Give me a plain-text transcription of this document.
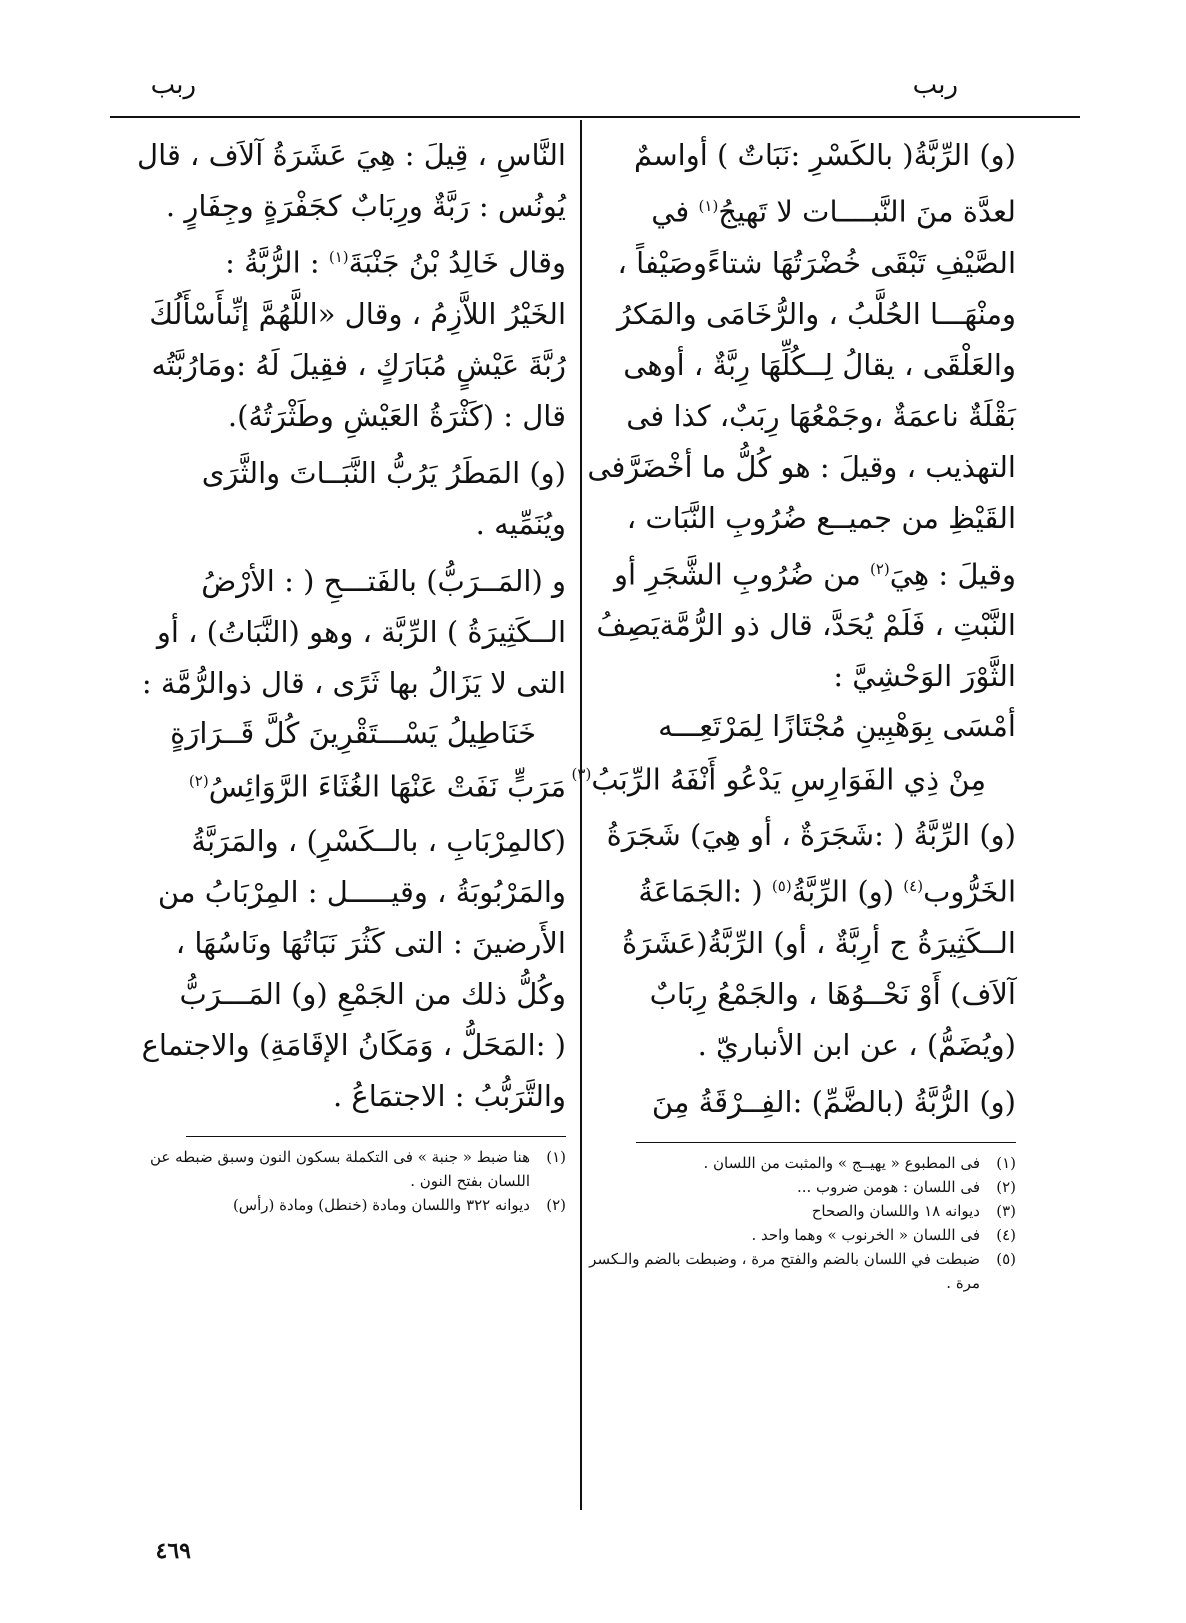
ربب
ربب

(و) الرِّبَّةُ( بالكَسْرِ :نَبَاتٌ ) أواسمٌ
لعدَّة منَ النَّبــــات لا تَهيجُ$^{(١)}$ في
الصَّيْفِ تَبْقَى خُضْرَتُهَا شتاءًوصَيْفاً ،
ومنْهَـــا الحُلَّبُ ، والرُّخَامَى والمَكرُ
والعَلْقَى ، يقالُ لِــكُلِّهَا رِبَّةٌ ، أوهى
بَقْلَةٌ ناعمَةٌ ،وجَمْعُهَا رِبَبٌ، كذا فى
التهذيب ، وقيلَ : هو كُلُّ ما أخْضَرَّفى
القَيْظِ من جميــع ضُرُوبِ النَّبَات ،
وقيلَ : هِيَ$^{(٢)}$ من ضُرُوبِ الشَّجَرِ أو
النَّبْتِ ، فَلَمْ يُحَدَّ، قال ذو الرُّمَّةيَصِفُ
الثَّوْرَ الوَحْشِيَّ :

أمْسَى بِوَهْبِينِ مُجْتَازًا لِمَرْتَعِـــه

مِنْ ذِي الفَوَارِسِ يَدْعُو أَنْفَهُ الرِّبَبُ$^{(٣)}$

(و) الرِّبَّةُ ( :شَجَرَةٌ ، أو هِيَ) شَجَرَةُ
الخَرُّوب$^{(٤)}$ (و) الرِّبَّةُ$^{(٥)}$ ( :الجَمَاعَةُ
الــكَثِيرَةُ ج أرِبَّةٌ ، أو) الرِّبَّةُ(عَشَرَةُ
آلاَف) أَوْ نَحْــوُهَا ، والجَمْعُ رِبَابٌ
(ويُضَمُّ) ، عن ابن الأنباريّ .

(و) الرُّبَّةُ (بالضَّمِّ) :الفِــرْقَةُ مِنَ

(١)
فى المطبوع « يهيــج » والمثبت من اللسان .
(٢)
فى اللسان : هومن ضروب ...
(٣)
ديوانه ١٨ واللسان والصحاح
(٤)
فى اللسان « الخرنوب » وهما واحد .
(٥)
ضبطت في اللسان بالضم والفتح مرة ، وضبطت بالضم والـكسر مرة .

النَّاسِ ، قِيلَ : هِيَ عَشَرَةُ آلاَف ، قال
يُونُس : رَبَّةٌ ورِبَابٌ كجَفْرَةٍ وجِفَارٍ .

وقال خَالِدُ بْنُ جَنْبَةَ$^{(١)}$ : الرُّبَّةُ :
الخَيْرُ اللاَّزِمُ ، وقال «اللَّهُمَّ إنِّىأَسْأَلُكَ
رُبَّةَ عَيْشٍ مُبَارَكٍ ، فقِيلَ لَهُ :ومَارُبَّتُه
قال : (كَثْرَةُ العَيْشِ وطَثْرَتُهُ).

(و) المَطَرُ يَرُبُّ النَّبَــاتَ والثَّرَى
ويُنَمِّيه .

و (المَــرَبُّ) بالفَتـــحِ ( : الأرْضُ
الــكَثِيرَةُ ) الرِّبَّة ، وهو (النَّبَاتُ) ، أو
التى لا يَزَالُ بها ثَرًى ، قال ذوالرُّمَّة :

خَنَاطِيلُ يَسْـــتَقْرِينَ كُلَّ قَــرَارَةٍ

مَرَبٍّ نَفَتْ عَنْهَا الغُثَاءَ الرَّوَائِسُ$^{(٢)}$

(كالمِرْبَابِ ، بالــكَسْرِ) ، والمَرَبَّةُ
والمَرْبُوبَةُ ، وقيـــــل : المِرْبَابُ من
الأَرضينَ : التى كَثُرَ نَبَاتُهَا ونَاسُهَا ،
وكُلُّ ذلك من الجَمْعِ (و) المَـــرَبُّ
( :المَحَلُّ ، وَمَكَانُ الإقَامَةِ) والاجتماع
والتَّرَبُّبُ : الاجتمَاعُ .

(١)
هنا ضبط « جنبة » فى التكملة بسكون النون وسبق ضبطه عن اللسان بفتح النون .
(٢)
ديوانه ٣٢٢ واللسان ومادة (خنطل) ومادة (رأس)
٤٦٩
